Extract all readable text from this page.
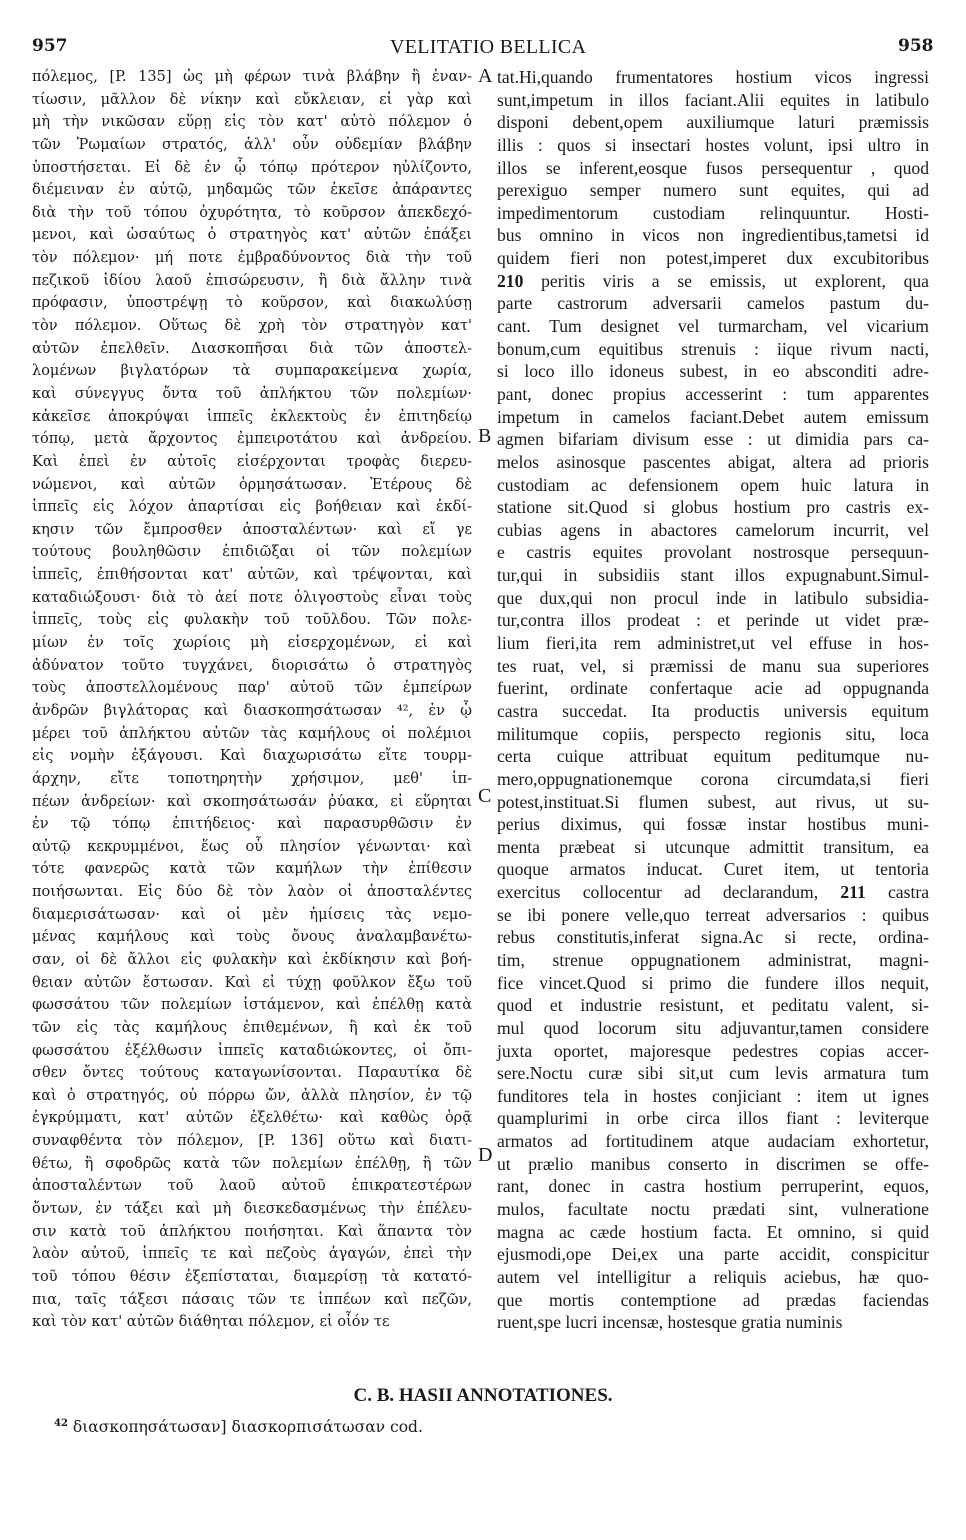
957	VELITATIO BELLICA	958
πόλεμος, [P. 135] ὡς μὴ φέρων τινὰ βλάβην ἢ ἐναν-
τίωσιν, μᾶλλον δὲ νίκην καὶ εὔκλειαν, εἰ γὰρ καὶ
μὴ τὴν νικῶσαν εὕρῃ εἰς τὸν κατ' αὐτὸ πόλεμον ὁ
τῶν Ῥωμαίων στρατός, ἀλλ' οὖν οὐδεμίαν βλάβην
ὑποστήσεται. Εἰ δὲ ἐν ᾧ τόπῳ πρότερον ηὐλίζοντο,
διέμειναν ἐν αὐτῷ, μηδαμῶς τῶν ἐκεῖσε ἀπάραντες
διὰ τὴν τοῦ τόπου ὀχυρότητα, τὸ κοῦρσον ἀπεκδεχό-
μενοι, καὶ ὡσαύτως ὁ στρατηγὸς κατ' αὐτῶν ἐπάξει
τὸν πόλεμον· μή ποτε ἐμβραδύνοντος διὰ τὴν τοῦ
πεζικοῦ ἰδίου λαοῦ ἐπισώρευσιν, ἢ διὰ ἄλλην τινὰ
πρόφασιν, ὑποστρέψῃ τὸ κοῦρσον, καὶ διακωλύσῃ
τὸν πόλεμον. Οὕτως δὲ χρὴ τὸν στρατηγὸν κατ'
αὐτῶν ἐπελθεῖν. Διασκοπῆσαι διὰ τῶν ἀποστελ-
λομένων βιγλατόρων τὰ συμπαρακείμενα χωρία,
καὶ σύνεγγυς ὄντα τοῦ ἀπλήκτου τῶν πολεμίων·
κἀκεῖσε ἀποκρύψαι ἱππεῖς ἐκλεκτοὺς ἐν ἐπιτηδείῳ
τόπῳ, μετὰ ἄρχοντος ἐμπειροτάτου καὶ ἀνδρείου.
Καὶ ἐπεὶ ἐν αὐτοῖς εἰσέρχονται τροφὰς διερευ-
νώμενοι, καὶ αὐτῶν ὁρμησάτωσαν. Ἑτέρους δὲ
ἱππεῖς εἰς λόχον ἀπαρτίσαι εἰς βοήθειαν καὶ ἐκδί-
κησιν τῶν ἔμπροσθεν ἀποσταλέντων· καὶ εἴ γε
τούτους βουληθῶσιν ἐπιδιῶξαι οἱ τῶν πολεμίων
ἱππεῖς, ἐπιθήσονται κατ' αὐτῶν, καὶ τρέψονται, καὶ
καταδιώξουσι· διὰ τὸ ἀεί ποτε ὀλιγοστοὺς εἶναι τοὺς
ἱππεῖς, τοὺς εἰς φυλακὴν τοῦ τοῦλδου. Τῶν πολε-
μίων ἐν τοῖς χωρίοις μὴ εἰσερχομένων, εἰ καὶ
ἀδύνατον τοῦτο τυγχάνει, διορισάτω ὁ στρατηγὸς
τοὺς ἀποστελλομένους παρ' αὐτοῦ τῶν ἐμπείρων
ἀνδρῶν βιγλάτορας καὶ διασκοπησάτωσαν ⁴², ἐν ᾧ
μέρει τοῦ ἀπλήκτου αὐτῶν τὰς καμήλους οἱ πολέμιοι
εἰς νομὴν ἐξάγουσι. Καὶ διαχωρισάτω εἴτε τουρμ-
άρχην, εἴτε τοποτηρητὴν χρήσιμον, μεθ' ἱπ-
πέων ἀνδρείων· καὶ σκοπησάτωσάν ῥύακα, εἰ εὕρηται
ἐν τῷ τόπῳ ἐπιτήδειος· καὶ παρασυρθῶσιν ἐν
αὐτῷ κεκρυμμένοι, ἕως οὗ πλησίον γένωνται· καὶ
τότε φανερῶς κατὰ τῶν καμήλων τὴν ἐπίθεσιν
ποιήσωνται. Εἰς δύο δὲ τὸν λαὸν οἱ ἀποσταλέντες
διαμερισάτωσαν· καὶ οἱ μὲν ἡμίσεις τὰς νεμο-
μένας καμήλους καὶ τοὺς ὄνους ἀναλαμβανέτω-
σαν, οἱ δὲ ἄλλοι εἰς φυλακὴν καὶ ἐκδίκησιν καὶ βοή-
θειαν αὐτῶν ἔστωσαν. Καὶ εἰ τύχῃ φοῦλκον ἔξω τοῦ
φωσσάτου τῶν πολεμίων ἱστάμενον, καὶ ἐπέλθῃ κατὰ
τῶν εἰς τὰς καμήλους ἐπιθεμένων, ἢ καὶ ἐκ τοῦ
φωσσάτου ἐξέλθωσιν ἱππεῖς καταδιώκοντες, οἱ ὄπι-
σθεν ὄντες τούτους καταγωνίσονται. Παραυτίκα δὲ
καὶ ὁ στρατηγός, οὐ πόρρω ὤν, ἀλλὰ πλησίον, ἐν τῷ
ἐγκρύμματι, κατ' αὐτῶν ἐξελθέτω· καὶ καθὼς ὁρᾷ
συναφθέντα τὸν πόλεμον, [P. 136] οὕτω καὶ διατι-
θέτω, ἢ σφοδρῶς κατὰ τῶν πολεμίων ἐπέλθῃ, ἢ τῶν
ἀποσταλέντων τοῦ λαοῦ αὐτοῦ ἐπικρατεστέρων
ὄντων, ἐν τάξει καὶ μὴ διεσκεδασμένως τὴν ἐπέλευ-
σιν κατὰ τοῦ ἀπλήκτου ποιήσηται. Καὶ ἅπαντα τὸν
λαὸν αὐτοῦ, ἱππεῖς τε καὶ πεζοὺς ἀγαγών, ἐπεὶ τὴν
τοῦ τόπου θέσιν ἐξεπίσταται, διαμερίσῃ τὰ κατατό-
πια, ταῖς τάξεσι πάσαις τῶν τε ἱππέων καὶ πεζῶν,
καὶ τὸν κατ' αὐτῶν διάθηται πόλεμον, εἰ οἷόν τε
tat.Hi,quando frumentatores hostium vicos ingressi
sunt,impetum in illos faciant.Alii equites in latibulo
disponi debent,opem auxiliumque laturi præmissis
illis : quos si insectari hostes volunt, ipsi ultro in
illos se inferent,eosque fusos persequentur , quod
perexiguo semper numero sunt equites, qui ad
impedimentorum custodiam relinquuntur. Hosti-
bus omnino in vicos non ingredientibus,tametsi id
quidem fieri non potest,imperet dux excubitoribus
210 peritis viris a se emissis, ut explorent, qua
parte castrorum adversarii camelos pastum du-
cant. Tum designet vel turmarcham, vel vicarium
bonum,cum equitibus strenuis : iique rivum nacti,
si loco illo idoneus subest, in eo absconditi adre-
pant, donec propius accesserint : tum apparentes
impetum in camelos faciant.Debet autem emissum
agmen bifariam divisum esse : ut dimidia pars ca-
melos asinosque pascentes abigat, altera ad prioris
custodiam ac defensionem opem huic latura in
statione sit.Quod si globus hostium pro castris ex-
cubias agens in abactores camelorum incurrit, vel
e castris equites provolant nostrosque persequun-
tur,qui in subsidiis stant illos expugnabunt.Simul-
que dux,qui non procul inde in latibulo subsidia-
tur,contra illos prodeat : et perinde ut videt præ-
lium fieri,ita rem administret,ut vel effuse in hos-
tes ruat, vel, si præmissi de manu sua superiores
fuerint, ordinate confertaque acie ad oppugnanda
castra succedat. Ita productis universis equitum
militumque copiis, perspecto regionis situ, loca
certa cuique attribuat equitum peditumque nu-
mero,oppugnationemque corona circumdata,si fieri
potest,instituat.Si flumen subest, aut rivus, ut su-
perius diximus, qui fossæ instar hostibus muni-
menta præbeat si utcunque admittit transitum, ea
quoque armatos inducat. Curet item, ut tentoria
exercitus collocentur ad declarandum, 211 castra
se ibi ponere velle,quo terreat adversarios : quibus
rebus constitutis,inferat signa.Ac si recte, ordina-
tim, strenue oppugnationem administrat, magni-
fice vincet.Quod si primo die fundere illos nequit,
quod et industrie resistunt, et peditatu valent, si-
mul quod locorum situ adjuvantur,tamen considere
juxta oportet, majoresque pedestres copias accer-
sere.Noctu curæ sibi sit,ut cum levis armatura tum
funditores tela in hostes conjiciant : item ut ignes
quamplurimi in orbe circa illos fiant : leviterque
armatos ad fortitudinem atque audaciam exhortetur,
ut prælio manibus conserto in discrimen se offe-
rant, donec in castra hostium perruperint, equos,
mulos, facultate noctu prædati sint, vulneratione
magna ac cæde hostium facta. Et omnino, si quid
ejusmodi,ope Dei,ex una parte accidit, conspicitur
autem vel intelligitur a reliquis aciebus, hæ quo-
que mortis contemptione ad prædas faciendas
ruent,spe lucri incensæ, hostesque gratia numinis
A
B
C
D
C. B. HASII ANNOTATIONES.
$^{42}$ διασκοπησάτωσαν] διασκορπισάτωσαν cod.
